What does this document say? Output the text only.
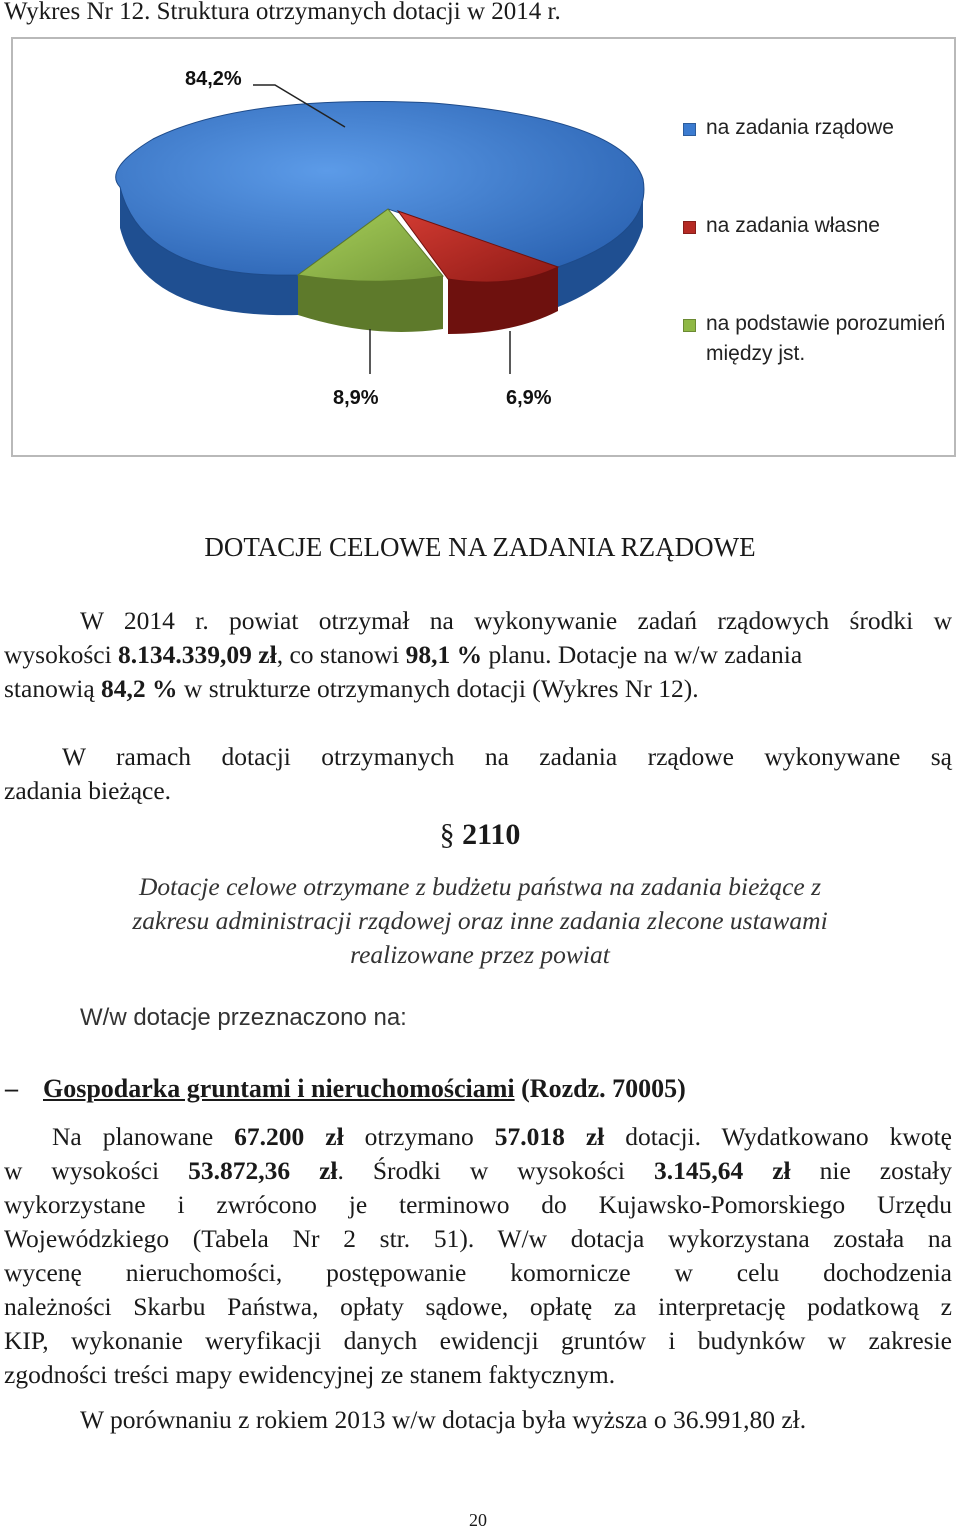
Wykres Nr 12. Struktura otrzymanych dotacji w 2014 r.
84,2%
8,9%	6,9%
na zadania rządowe
na zadania własne
na podstawie porozumień między jst.
DOTACJE CELOWE NA ZADANIA RZĄDOWE
W 2014 r. powiat otrzymał na wykonywanie zadań rządowych środki w
wysokości 8.134.339,09 zł, co stanowi 98,1 % planu. Dotacje na w/w zadania
stanowią 84,2 % w strukturze otrzymanych dotacji (Wykres Nr 12).
W ramach dotacji otrzymanych na zadania rządowe wykonywane są
zadania bieżące.
§ 2110
Dotacje celowe otrzymane z budżetu państwa na zadania bieżące z
zakresu administracji rządowej oraz inne zadania zlecone ustawami
realizowane przez powiat
W/w dotacje przeznaczono na:
– Gospodarka gruntami i nieruchomościami (Rozdz. 70005)
Na planowane 67.200 zł otrzymano 57.018 zł dotacji. Wydatkowano kwotę
w wysokości 53.872,36 zł. Środki w wysokości 3.145,64 zł nie zostały
wykorzystane i zwrócono je terminowo do Kujawsko-Pomorskiego Urzędu
Wojewódzkiego (Tabela Nr 2 str. 51). W/w dotacja wykorzystana została na
wycenę nieruchomości, postępowanie komornicze w celu dochodzenia
należności Skarbu Państwa, opłaty sądowe, opłatę za interpretację podatkową z
KIP, wykonanie weryfikacji danych ewidencji gruntów i budynków w zakresie
zgodności treści mapy ewidencyjnej ze stanem faktycznym.
W porównaniu z rokiem 2013 w/w dotacja była wyższa o 36.991,80 zł.
20
